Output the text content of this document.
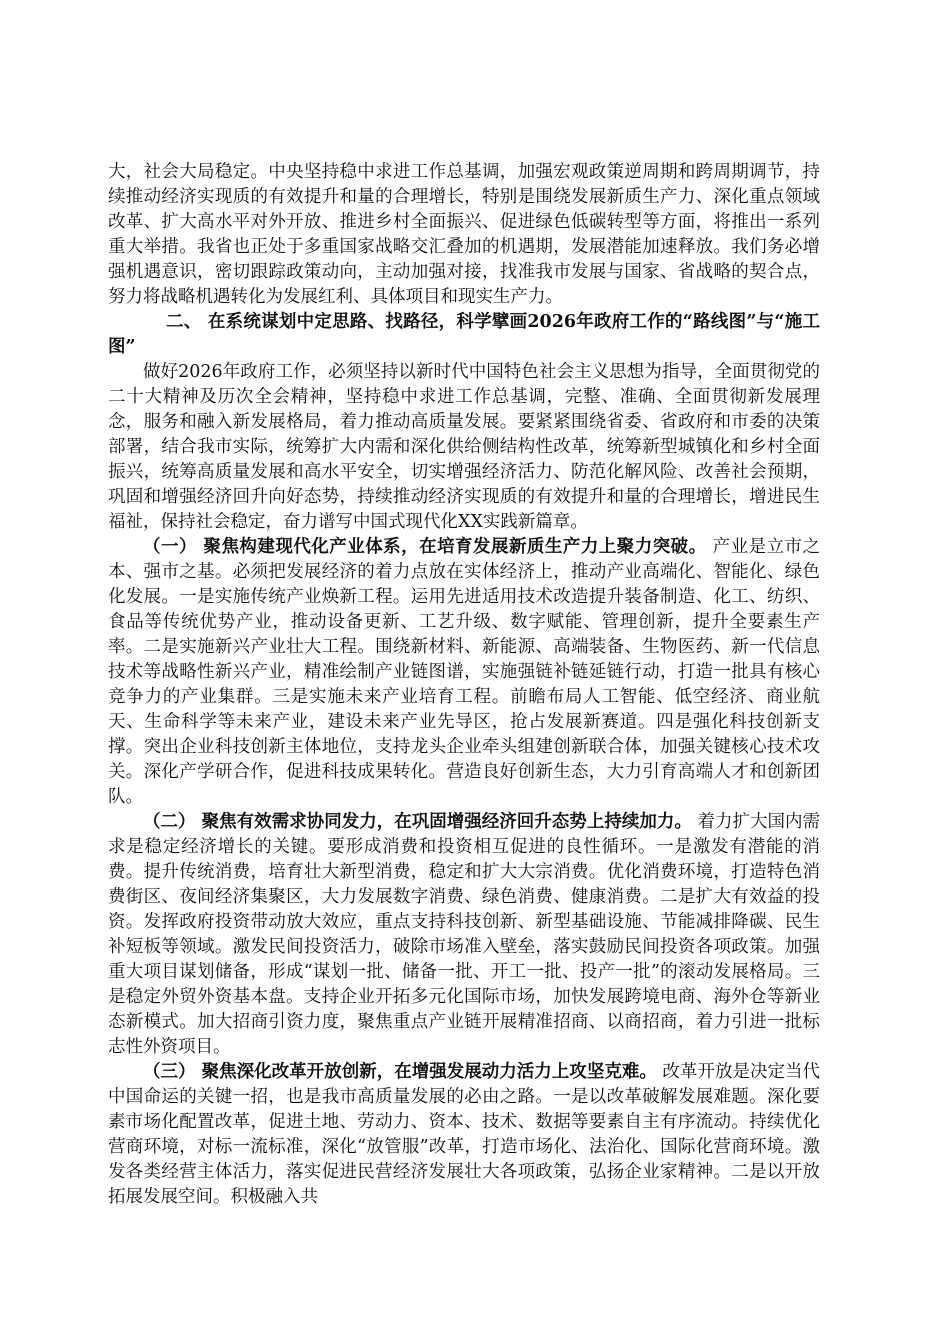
大，社会大局稳定。中央坚持稳中求进工作总基调，加强宏观政策逆周期和跨周期调节，持续推动经济实现质的有效提升和量的合理增长，特别是围绕发展新质生产力、深化重点领域改革、扩大高水平对外开放、推进乡村全面振兴、促进绿色低碳转型等方面，将推出一系列重大举措。我省也正处于多重国家战略交汇叠加的机遇期，发展潜能加速释放。我们务必增强机遇意识，密切跟踪政策动向，主动加强对接，找准我市发展与国家、省战略的契合点，努力将战略机遇转化为发展红利、具体项目和现实生产力。

二、 在系统谋划中定思路、找路径，科学擘画2026年政府工作的“路线图”与“施工图”

做好2026年政府工作，必须坚持以新时代中国特色社会主义思想为指导，全面贯彻党的二十大精神及历次全会精神，坚持稳中求进工作总基调，完整、准确、全面贯彻新发展理念，服务和融入新发展格局，着力推动高质量发展。要紧紧围绕省委、省政府和市委的决策部署，结合我市实际，统筹扩大内需和深化供给侧结构性改革，统筹新型城镇化和乡村全面振兴，统筹高质量发展和高水平安全，切实增强经济活力、防范化解风险、改善社会预期，巩固和增强经济回升向好态势，持续推动经济实现质的有效提升和量的合理增长，增进民生福祉，保持社会稳定，奋力谱写中国式现代化XX实践新篇章。

（一） 聚焦构建现代化产业体系，在培育发展新质生产力上聚力突破。 产业是立市之本、强市之基。必须把发展经济的着力点放在实体经济上，推动产业高端化、智能化、绿色化发展。一是实施传统产业焕新工程。运用先进适用技术改造提升装备制造、化工、纺织、食品等传统优势产业，推动设备更新、工艺升级、数字赋能、管理创新，提升全要素生产率。二是实施新兴产业壮大工程。围绕新材料、新能源、高端装备、生物医药、新一代信息技术等战略性新兴产业，精准绘制产业链图谱，实施强链补链延链行动，打造一批具有核心竞争力的产业集群。三是实施未来产业培育工程。前瞻布局人工智能、低空经济、商业航天、生命科学等未来产业，建设未来产业先导区，抢占发展新赛道。四是强化科技创新支撑。突出企业科技创新主体地位，支持龙头企业牵头组建创新联合体，加强关键核心技术攻关。深化产学研合作，促进科技成果转化。营造良好创新生态，大力引育高端人才和创新团队。

（二） 聚焦有效需求协同发力，在巩固增强经济回升态势上持续加力。 着力扩大国内需求是稳定经济增长的关键。要形成消费和投资相互促进的良性循环。一是激发有潜能的消费。提升传统消费，培育壮大新型消费，稳定和扩大大宗消费。优化消费环境，打造特色消费街区、夜间经济集聚区，大力发展数字消费、绿色消费、健康消费。二是扩大有效益的投资。发挥政府投资带动放大效应，重点支持科技创新、新型基础设施、节能减排降碳、民生补短板等领域。激发民间投资活力，破除市场准入壁垒，落实鼓励民间投资各项政策。加强重大项目谋划储备，形成“谋划一批、储备一批、开工一批、投产一批”的滚动发展格局。三是稳定外贸外资基本盘。支持企业开拓多元化国际市场，加快发展跨境电商、海外仓等新业态新模式。加大招商引资力度，聚焦重点产业链开展精准招商、以商招商，着力引进一批标志性外资项目。

（三） 聚焦深化改革开放创新，在增强发展动力活力上攻坚克难。 改革开放是决定当代中国命运的关键一招，也是我市高质量发展的必由之路。一是以改革破解发展难题。深化要素市场化配置改革，促进土地、劳动力、资本、技术、数据等要素自主有序流动。持续优化营商环境，对标一流标准，深化“放管服”改革，打造市场化、法治化、国际化营商环境。激发各类经营主体活力，落实促进民营经济发展壮大各项政策，弘扬企业家精神。二是以开放拓展发展空间。积极融入共
